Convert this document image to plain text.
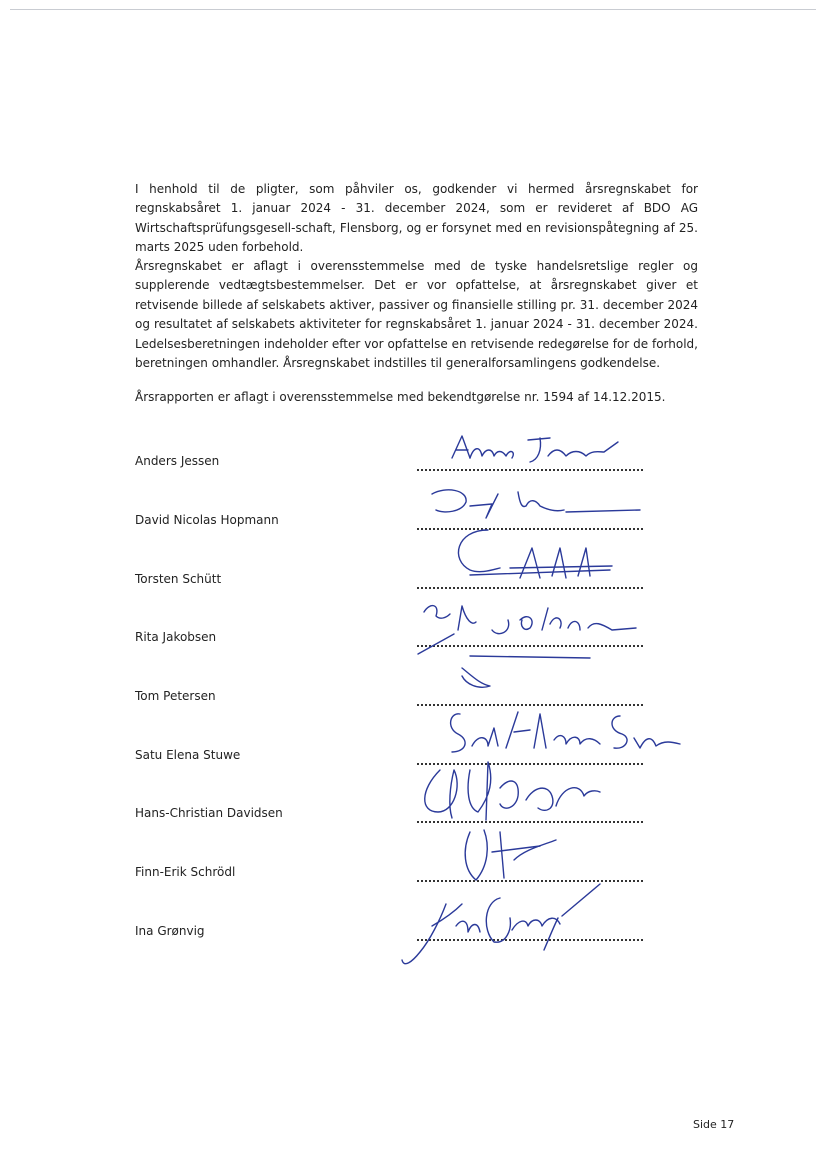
I henhold til de pligter, som påhviler os, godkender vi hermed årsregnskabet for regnskabsåret 1. januar 2024 - 31. december 2024, som er revideret af BDO AG Wirtschaftsprüfungsgesell-schaft, Flensborg, og er forsynet med en revisionspåtegning af 25. marts 2025 uden forbehold.

Årsregnskabet er aflagt i overensstemmelse med de tyske handelsretslige regler og supplerende vedtægtsbestemmelser. Det er vor opfattelse, at årsregnskabet giver et retvisende billede af selskabets aktiver, passiver og finansielle stilling pr. 31. december 2024 og resultatet af selskabets aktiviteter for regnskabsåret 1. januar 2024 - 31. december 2024. Ledelsesberetningen indeholder efter vor opfattelse en retvisende redegørelse for de forhold, beretningen omhandler. Årsregnskabet indstilles til generalforsamlingens godkendelse.

Årsrapporten er aflagt i overensstemmelse med bekendtgørelse nr. 1594 af 14.12.2015.

Anders Jessen
David Nicolas Hopmann
Torsten Schütt
Rita Jakobsen
Tom Petersen
Satu Elena Stuwe
Hans-Christian Davidsen
Finn-Erik Schrödl
Ina Grønvig
Side 17
